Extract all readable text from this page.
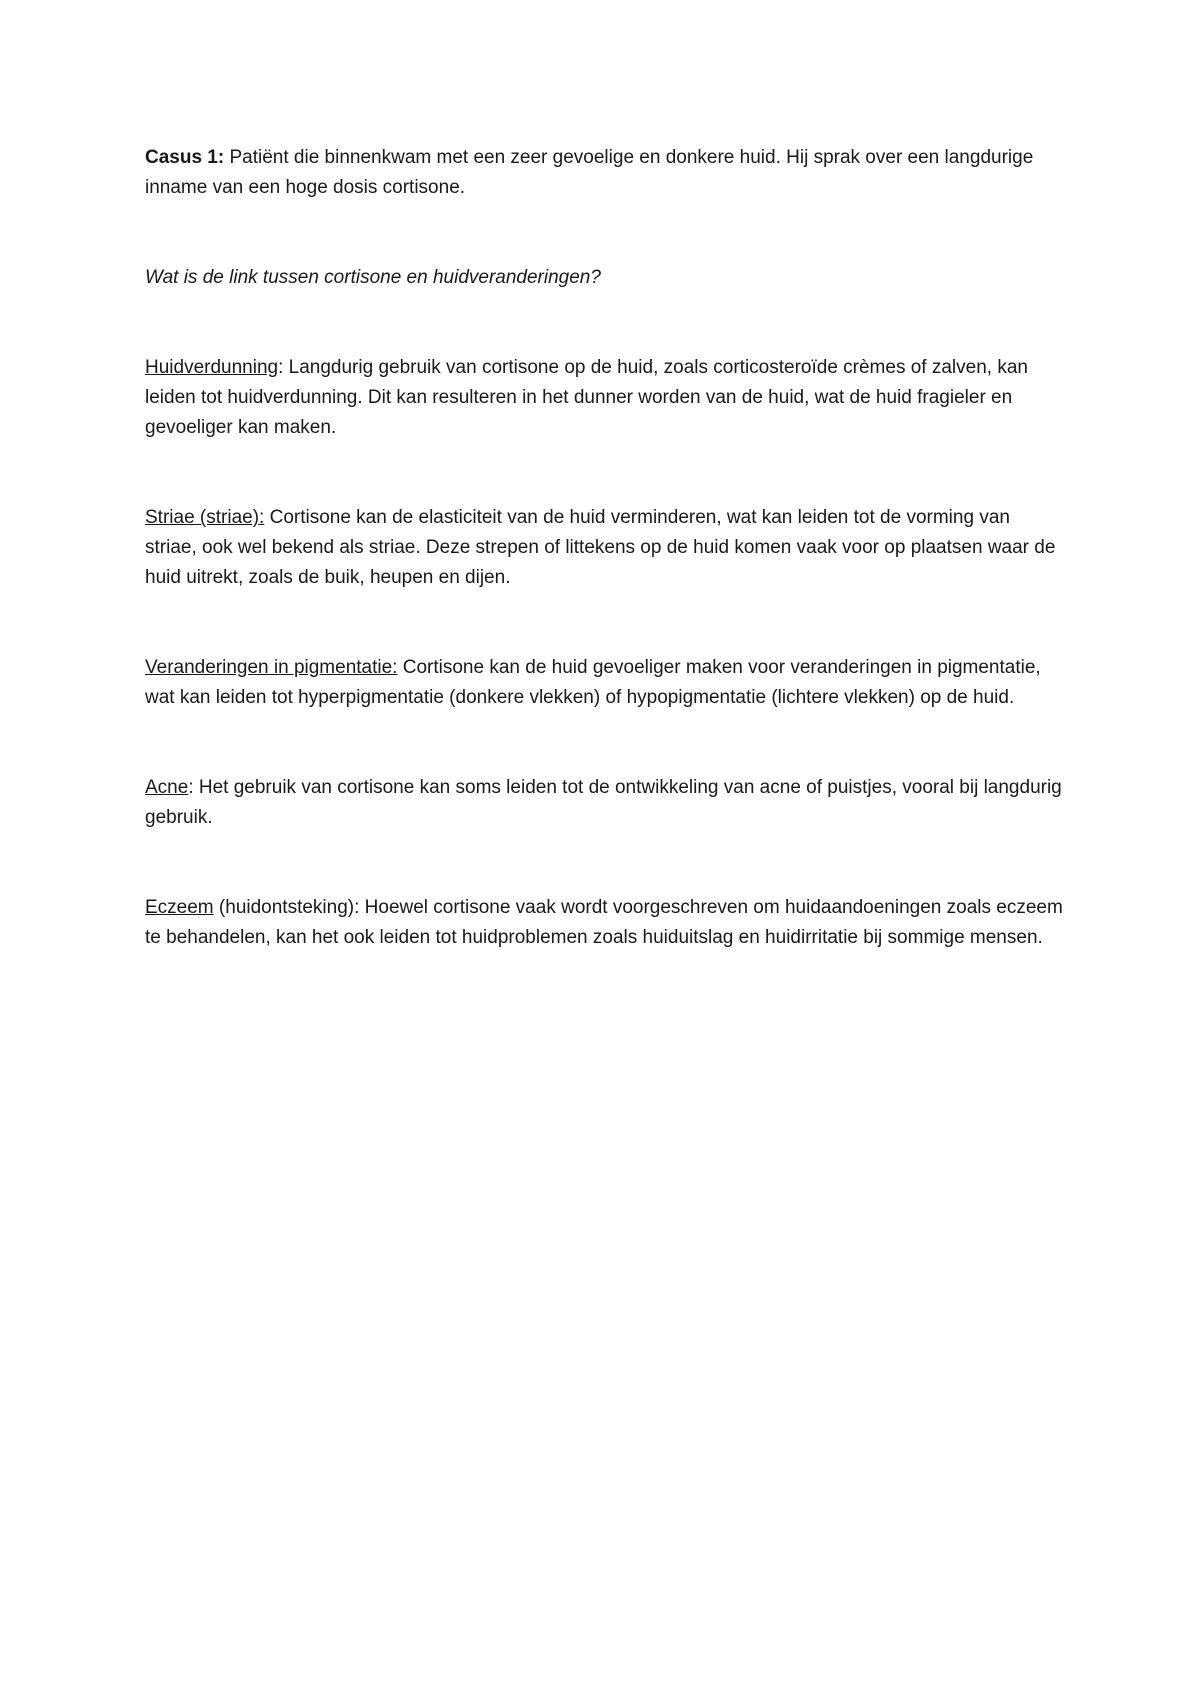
Casus 1: Patiënt die binnenkwam met een zeer gevoelige en donkere huid. Hij sprak over een langdurige inname van een hoge dosis cortisone.

Wat is de link tussen cortisone en huidveranderingen?

Huidverdunning: Langdurig gebruik van cortisone op de huid, zoals corticosteroïde crèmes of zalven, kan leiden tot huidverdunning. Dit kan resulteren in het dunner worden van de huid, wat de huid fragieler en gevoeliger kan maken.

Striae (striae): Cortisone kan de elasticiteit van de huid verminderen, wat kan leiden tot de vorming van striae, ook wel bekend als striae. Deze strepen of littekens op de huid komen vaak voor op plaatsen waar de huid uitrekt, zoals de buik, heupen en dijen.

Veranderingen in pigmentatie: Cortisone kan de huid gevoeliger maken voor veranderingen in pigmentatie, wat kan leiden tot hyperpigmentatie (donkere vlekken) of hypopigmentatie (lichtere vlekken) op de huid.

Acne: Het gebruik van cortisone kan soms leiden tot de ontwikkeling van acne of puistjes, vooral bij langdurig gebruik.

Eczeem (huidontsteking): Hoewel cortisone vaak wordt voorgeschreven om huidaandoeningen zoals eczeem te behandelen, kan het ook leiden tot huidproblemen zoals huiduitslag en huidirritatie bij sommige mensen.
